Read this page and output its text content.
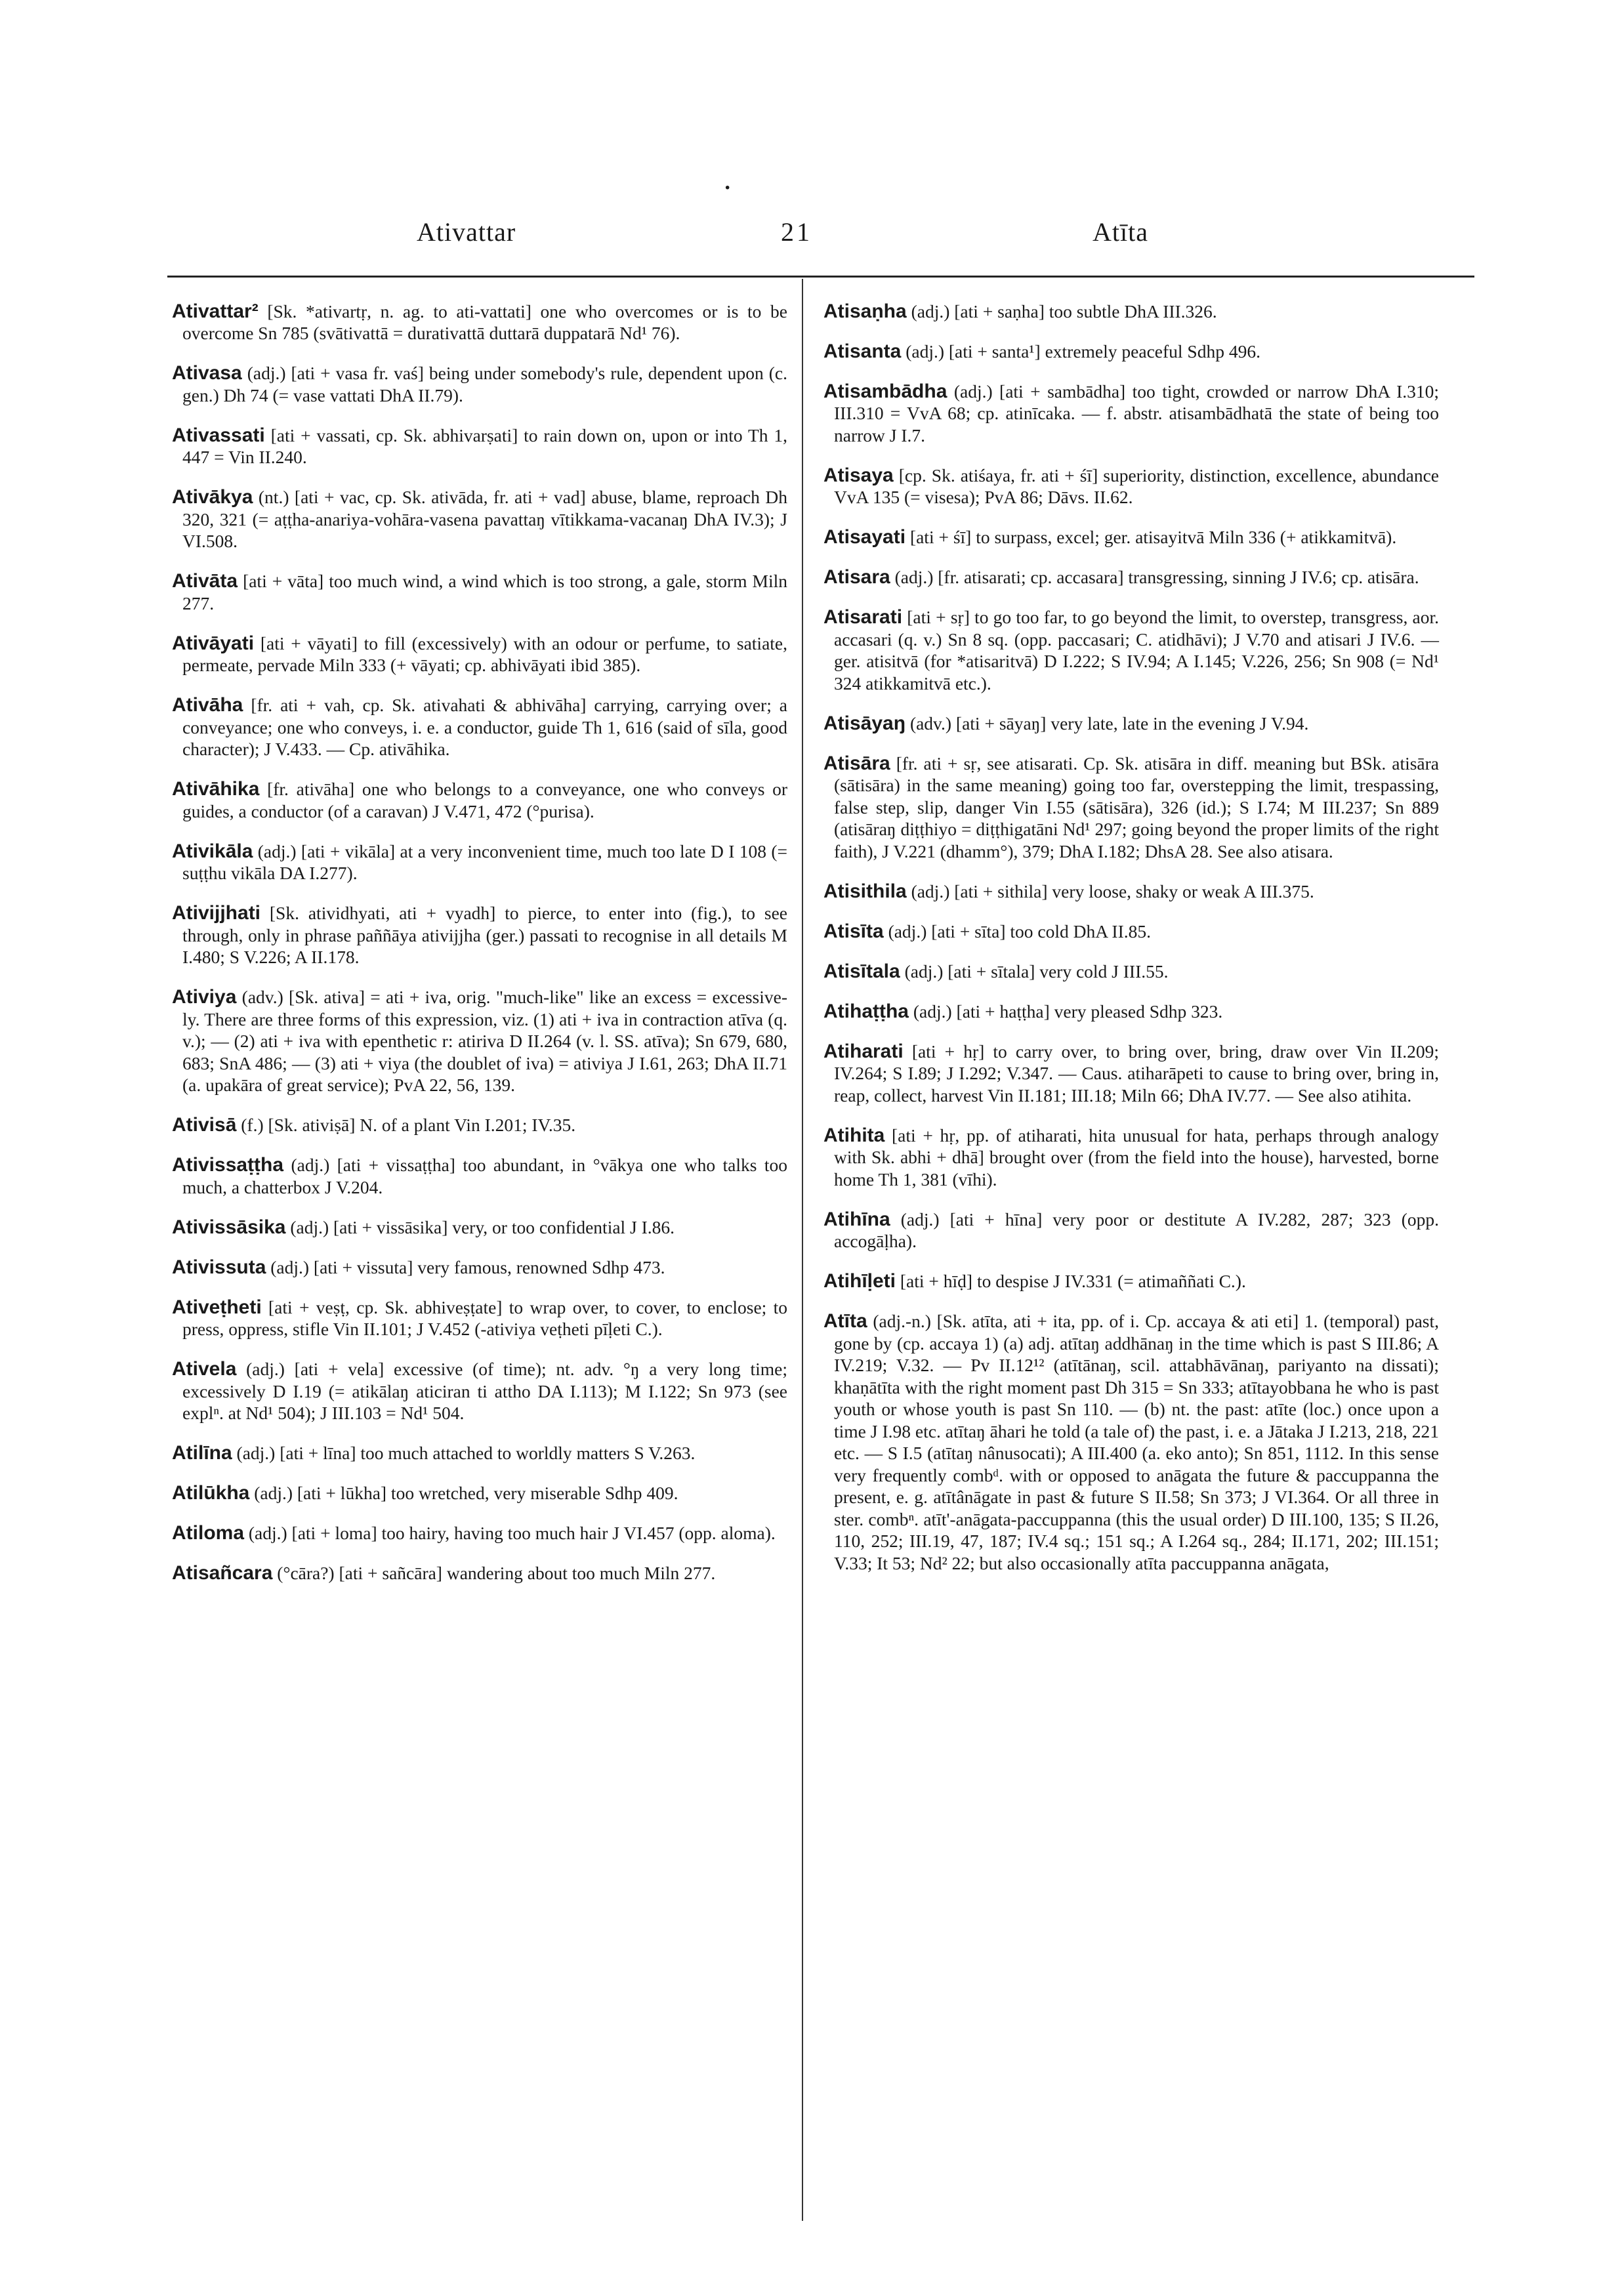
·
Ativattar	21	Atīta

Ativattar² [Sk. *ativartṛ, n. ag. to ati-vattati] one who overcomes or is to be overcome Sn 785 (svātivattā = durativattā duttarā duppatarā Nd¹ 76).

Ativasa (adj.) [ati + vasa fr. vaś] being under somebody's rule, dependent upon (c. gen.) Dh 74 (= vase vattati DhA II.79).

Ativassati [ati + vassati, cp. Sk. abhivarṣati] to rain down on, upon or into Th 1, 447 = Vin II.240.

Ativākya (nt.) [ati + vac, cp. Sk. ativāda, fr. ati + vad] abuse, blame, reproach Dh 320, 321 (= aṭṭha-anariya-vohāra-vasena pavattaŋ vītikkama-vacanaŋ DhA IV.3); J VI.508.

Ativāta [ati + vāta] too much wind, a wind which is too strong, a gale, storm Miln 277.

Ativāyati [ati + vāyati] to fill (excessively) with an odour or perfume, to satiate, permeate, pervade Miln 333 (+ vāyati; cp. abhivāyati ibid 385).

Ativāha [fr. ati + vah, cp. Sk. ativahati & abhivāha] carrying, carrying over; a conveyance; one who conveys, i. e. a conductor, guide Th 1, 616 (said of sīla, good character); J V.433. — Cp. ativāhika.

Ativāhika [fr. ativāha] one who belongs to a conveyance, one who conveys or guides, a conductor (of a caravan) J V.471, 472 (°purisa).

Ativikāla (adj.) [ati + vikāla] at a very inconvenient time, much too late D I 108 (= suṭṭhu vikāla DA I.277).

Ativijjhati [Sk. atividhyati, ati + vyadh] to pierce, to enter into (fig.), to see through, only in phrase paññāya ativijjha (ger.) passati to recognise in all details M I.480; S V.226; A II.178.

Ativiya (adv.) [Sk. ativa] = ati + iva, orig. "much-like" like an excess = excessive-ly. There are three forms of this expression, viz. (1) ati + iva in contraction atīva (q. v.); — (2) ati + iva with epenthetic r: atiriva D II.264 (v. l. SS. atīva); Sn 679, 680, 683; SnA 486; — (3) ati + viya (the doublet of iva) = ativiya J I.61, 263; DhA II.71 (a. upakāra of great service); PvA 22, 56, 139.

Ativisā (f.) [Sk. ativiṣā] N. of a plant Vin I.201; IV.35.

Ativissaṭṭha (adj.) [ati + vissaṭṭha] too abundant, in °vākya one who talks too much, a chatterbox J V.204.

Ativissāsika (adj.) [ati + vissāsika] very, or too confidential J I.86.

Ativissuta (adj.) [ati + vissuta] very famous, renowned Sdhp 473.

Ativeṭheti [ati + veṣṭ, cp. Sk. abhiveṣṭate] to wrap over, to cover, to enclose; to press, oppress, stifle Vin II.101; J V.452 (-ativiya veṭheti pīḷeti C.).

Ativela (adj.) [ati + vela] excessive (of time); nt. adv. °ŋ a very long time; excessively D I.19 (= atikālaŋ aticiran ti attho DA I.113); M I.122; Sn 973 (see explⁿ. at Nd¹ 504); J III.103 = Nd¹ 504.

Atilīna (adj.) [ati + līna] too much attached to worldly matters S V.263.

Atilūkha (adj.) [ati + lūkha] too wretched, very miserable Sdhp 409.

Atiloma (adj.) [ati + loma] too hairy, having too much hair J VI.457 (opp. aloma).

Atisañcara (°cāra?) [ati + sañcāra] wandering about too much Miln 277.

Atisaṇha (adj.) [ati + saṇha] too subtle DhA III.326.

Atisanta (adj.) [ati + santa¹] extremely peaceful Sdhp 496.

Atisambādha (adj.) [ati + sambādha] too tight, crowded or narrow DhA I.310; III.310 = VvA 68; cp. atinīcaka. — f. abstr. atisambādhatā the state of being too narrow J I.7.

Atisaya [cp. Sk. atiśaya, fr. ati + śī] superiority, distinction, excellence, abundance VvA 135 (= visesa); PvA 86; Dāvs. II.62.

Atisayati [ati + śī] to surpass, excel; ger. atisayitvā Miln 336 (+ atikkamitvā).

Atisara (adj.) [fr. atisarati; cp. accasara] transgressing, sinning J IV.6; cp. atisāra.

Atisarati [ati + sṛ] to go too far, to go beyond the limit, to overstep, transgress, aor. accasari (q. v.) Sn 8 sq. (opp. paccasari; C. atidhāvi); J V.70 and atisari J IV.6. — ger. atisitvā (for *atisaritvā) D I.222; S IV.94; A I.145; V.226, 256; Sn 908 (= Nd¹ 324 atikkamitvā etc.).

Atisāyaŋ (adv.) [ati + sāyaŋ] very late, late in the evening J V.94.

Atisāra [fr. ati + sṛ, see atisarati. Cp. Sk. atisāra in diff. meaning but BSk. atisāra (sātisāra) in the same meaning) going too far, overstepping the limit, trespassing, false step, slip, danger Vin I.55 (sātisāra), 326 (id.); S I.74; M III.237; Sn 889 (atisāraŋ diṭṭhiyo = diṭṭhigatāni Nd¹ 297; going beyond the proper limits of the right faith), J V.221 (dhamm°), 379; DhA I.182; DhsA 28. See also atisara.

Atisithila (adj.) [ati + sithila] very loose, shaky or weak A III.375.

Atisīta (adj.) [ati + sīta] too cold DhA II.85.

Atisītala (adj.) [ati + sītala] very cold J III.55.

Atihaṭṭha (adj.) [ati + haṭṭha] very pleased Sdhp 323.

Atiharati [ati + hṛ] to carry over, to bring over, bring, draw over Vin II.209; IV.264; S I.89; J I.292; V.347. — Caus. atiharāpeti to cause to bring over, bring in, reap, collect, harvest Vin II.181; III.18; Miln 66; DhA IV.77. — See also atihita.

Atihita [ati + hṛ, pp. of atiharati, hita unusual for hata, perhaps through analogy with Sk. abhi + dhā] brought over (from the field into the house), harvested, borne home Th 1, 381 (vīhi).

Atihīna (adj.) [ati + hīna] very poor or destitute A IV.282, 287; 323 (opp. accogāḷha).

Atihīḷeti [ati + hīḍ] to despise J IV.331 (= atimaññati C.).

Atīta (adj.-n.) [Sk. atīta, ati + ita, pp. of i. Cp. accaya & ati eti] 1. (temporal) past, gone by (cp. accaya 1) (a) adj. atītaŋ addhānaŋ in the time which is past S III.86; A IV.219; V.32. — Pv II.12¹² (atītānaŋ, scil. attabhāvānaŋ, pariyanto na dissati); khaṇātīta with the right moment past Dh 315 = Sn 333; atītayobbana he who is past youth or whose youth is past Sn 110. — (b) nt. the past: atīte (loc.) once upon a time J I.98 etc. atītaŋ āhari he told (a tale of) the past, i. e. a Jātaka J I.213, 218, 221 etc. — S I.5 (atītaŋ nânusocati); A III.400 (a. eko anto); Sn 851, 1112. In this sense very frequently combᵈ. with or opposed to anāgata the future & paccuppanna the present, e. g. atītânāgate in past & future S II.58; Sn 373; J VI.364. Or all three in ster. combⁿ. atīt'-anāgata-paccuppanna (this the usual order) D III.100, 135; S II.26, 110, 252; III.19, 47, 187; IV.4 sq.; 151 sq.; A I.264 sq., 284; II.171, 202; III.151; V.33; It 53; Nd² 22; but also occasionally atīta paccuppanna anāgata,
